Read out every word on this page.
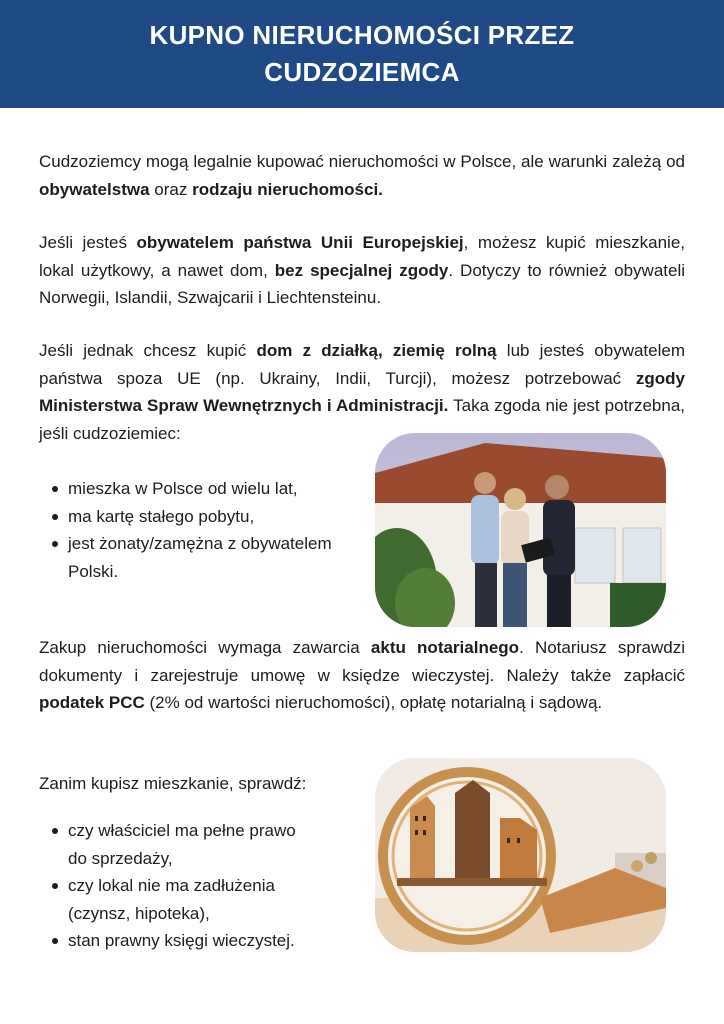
KUPNO NIERUCHOMOŚCI PRZEZ
CUDZOZIEMCA

Cudzoziemcy mogą legalnie kupować nieruchomości w Polsce, ale warunki zależą od obywatelstwa oraz rodzaju nieruchomości.

Jeśli jesteś obywatelem państwa Unii Europejskiej, możesz kupić mieszkanie, lokal użytkowy, a nawet dom, bez specjalnej zgody. Dotyczy to również obywateli Norwegii, Islandii, Szwajcarii i Liechtensteinu.

Jeśli jednak chcesz kupić dom z działką, ziemię rolną lub jesteś obywatelem państwa spoza UE (np. Ukrainy, Indii, Turcji), możesz potrzebować zgody Ministerstwa Spraw Wewnętrznych i Administracji. Taka zgoda nie jest potrzebna, jeśli cudzoziemiec:

mieszka w Polsce od wielu lat,
ma kartę stałego pobytu,
jest żonaty/zamężna z obywatelem
Polski.

Zakup nieruchomości wymaga zawarcia aktu notarialnego. Notariusz sprawdzi dokumenty i zarejestruje umowę w księdze wieczystej. Należy także zapłacić podatek PCC (2% od wartości nieruchomości), opłatę notarialną i sądową.

Zanim kupisz mieszkanie, sprawdź:

czy właściciel ma pełne prawo
do sprzedaży,
czy lokal nie ma zadłużenia
(czynsz, hipoteka),
stan prawny księgi wieczystej.
